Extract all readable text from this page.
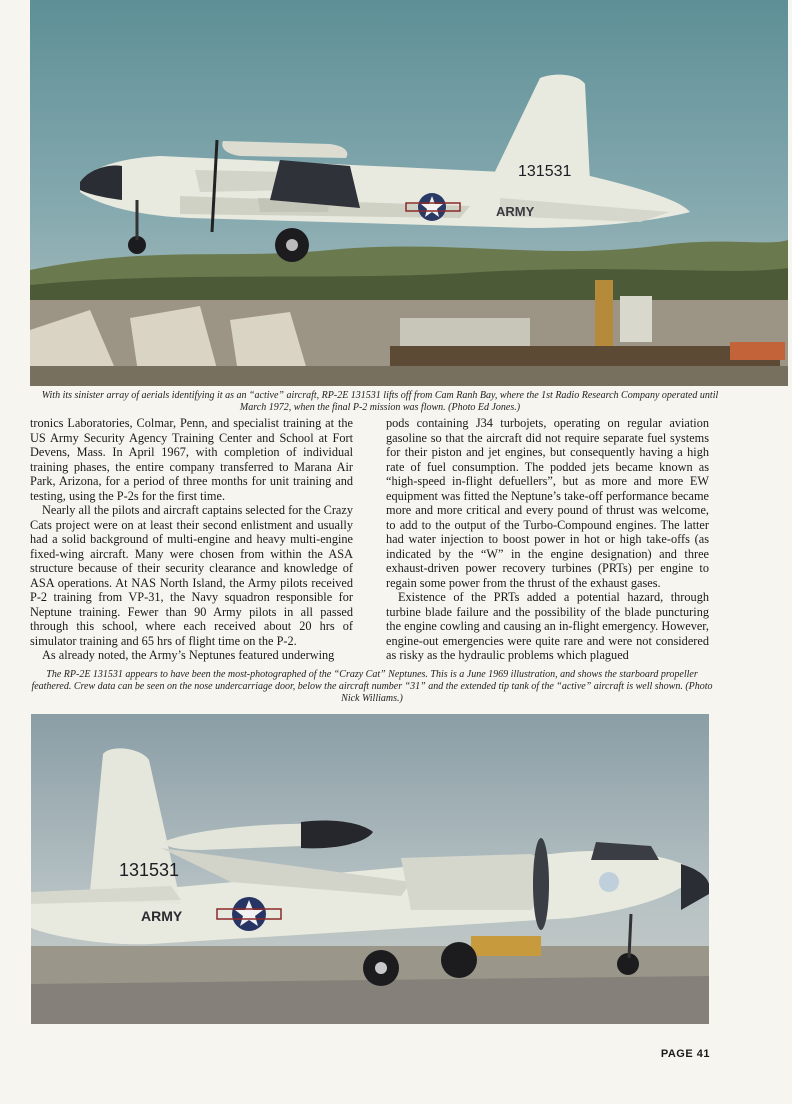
131531
ARMY
With its sinister array of aerials identifying it as an “active” aircraft, RP-2E 131531 lifts off from Cam Ranh Bay, where the 1st Radio Research Company operated until March 1972, when the final P-2 mission was flown. (Photo Ed Jones.)

tronics Laboratories, Colmar, Penn, and specialist training at the US Army Security Agency Training Center and School at Fort Devens, Mass. In April 1967, with completion of individual training phases, the entire company transferred to Marana Air Park, Arizona, for a period of three months for unit training and testing, using the P-2s for the first time.

Nearly all the pilots and aircraft captains selected for the Crazy Cats project were on at least their second enlistment and usually had a solid background of multi-engine and heavy multi-engine fixed-wing aircraft. Many were chosen from within the ASA structure because of their security clearance and knowledge of ASA operations. At NAS North Island, the Army pilots received P-2 training from VP-31, the Navy squadron responsible for Neptune training. Fewer than 90 Army pilots in all passed through this school, where each received about 20 hrs of simulator training and 65 hrs of flight time on the P-2.

As already noted, the Army’s Neptunes featured underwing

pods containing J34 turbojets, operating on regular aviation gasoline so that the aircraft did not require separate fuel systems for their piston and jet engines, but consequently having a high rate of fuel consumption. The podded jets became known as “high-speed in-flight defuellers”, but as more and more EW equipment was fitted the Neptune’s take-off performance became more and more critical and every pound of thrust was welcome, to add to the output of the Turbo-Compound engines. The latter had water injection to boost power in hot or high take-offs (as indicated by the “W” in the engine designation) and three exhaust-driven power recovery turbines (PRTs) per engine to regain some power from the thrust of the exhaust gases.

Existence of the PRTs added a potential hazard, through turbine blade failure and the possibility of the blade puncturing the engine cowling and causing an in-flight emergency. However, engine-out emergencies were quite rare and were not considered as risky as the hydraulic problems which plagued

The RP-2E 131531 appears to have been the most-photographed of the “Crazy Cat” Neptunes. This is a June 1969 illustration, and shows the starboard propeller feathered. Crew data can be seen on the nose undercarriage door, below the aircraft number “31” and the extended tip tank of the “active” aircraft is well shown. (Photo Nick Williams.)
131531
ARMY
PAGE 41
